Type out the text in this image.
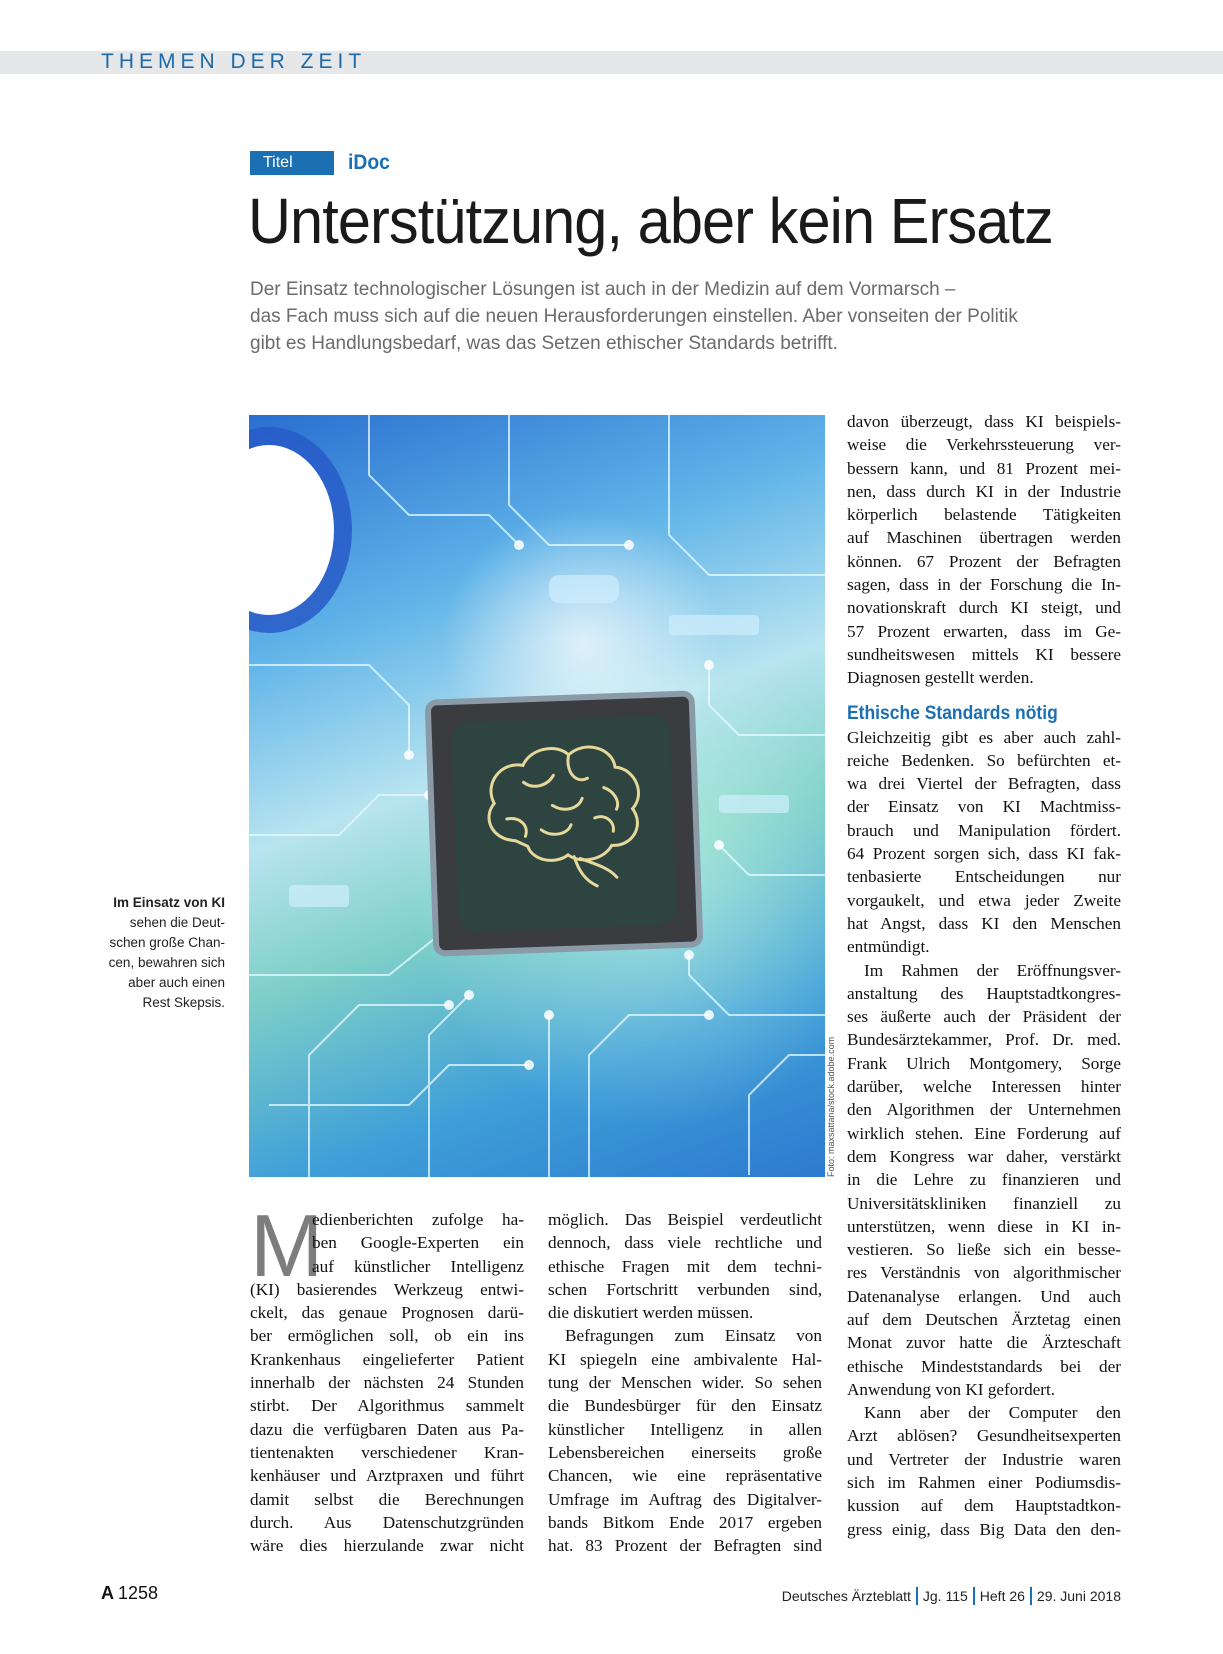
THEMEN DER ZEIT
Titel	iDoc
Unterstützung, aber kein Ersatz

Der Einsatz technologischer Lösungen ist auch in der Medizin auf dem Vormarsch –
das Fach muss sich auf die neuen Herausforderungen einstellen. Aber vonseiten der Politik
gibt es Handlungsbedarf, was das Setzen ethischer Standards betrifft.

Foto: maxsattana/stock.adobe.com
Im Einsatz von KI
sehen die Deut-
schen große Chan-
cen, bewahren sich
aber auch einen
Rest Skepsis.
M
edienberichten zufolge ha-
ben Google-Experten ein
auf künstlicher Intelligenz
(KI) basierendes Werkzeug entwi-
ckelt, das genaue Prognosen darü-
ber ermöglichen soll, ob ein ins
Krankenhaus eingelieferter Patient
innerhalb der nächsten 24 Stunden
stirbt. Der Algorithmus sammelt
dazu die verfügbaren Daten aus Pa-
tientenakten verschiedener Kran-
kenhäuser und Arztpraxen und führt
damit selbst die Berechnungen
durch. Aus Datenschutzgründen
wäre dies hierzulande zwar nicht
möglich. Das Beispiel verdeutlicht
dennoch, dass viele rechtliche und
ethische Fragen mit dem techni-
schen Fortschritt verbunden sind,
die diskutiert werden müssen.
Befragungen zum Einsatz von
KI spiegeln eine ambivalente Hal-
tung der Menschen wider. So sehen
die Bundesbürger für den Einsatz
künstlicher Intelligenz in allen
Lebensbereichen einerseits große
Chancen, wie eine repräsentative
Umfrage im Auftrag des Digitalver-
bands Bitkom Ende 2017 ergeben
hat. 83 Prozent der Befragten sind
davon überzeugt, dass KI beispiels-
weise die Verkehrssteuerung ver-
bessern kann, und 81 Prozent mei-
nen, dass durch KI in der Industrie
körperlich belastende Tätigkeiten
auf Maschinen übertragen werden
können. 67 Prozent der Befragten
sagen, dass in der Forschung die In-
novationskraft durch KI steigt, und
57 Prozent erwarten, dass im Ge-
sundheitswesen mittels KI bessere
Diagnosen gestellt werden.
Ethische Standards nötig
Gleichzeitig gibt es aber auch zahl-
reiche Bedenken. So befürchten et-
wa drei Viertel der Befragten, dass
der Einsatz von KI Machtmiss-
brauch und Manipulation fördert.
64 Prozent sorgen sich, dass KI fak-
tenbasierte Entscheidungen nur
vorgaukelt, und etwa jeder Zweite
hat Angst, dass KI den Menschen
entmündigt.
Im Rahmen der Eröffnungsver-
anstaltung des Hauptstadtkongres-
ses äußerte auch der Präsident der
Bundesärztekammer, Prof. Dr. med.
Frank Ulrich Montgomery, Sorge
darüber, welche Interessen hinter
den Algorithmen der Unternehmen
wirklich stehen. Eine Forderung auf
dem Kongress war daher, verstärkt
in die Lehre zu finanzieren und
Universitätskliniken finanziell zu
unterstützen, wenn diese in KI in-
vestieren. So ließe sich ein besse-
res Verständnis von algorithmischer
Datenanalyse erlangen. Und auch
auf dem Deutschen Ärztetag einen
Monat zuvor hatte die Ärzteschaft
ethische Mindeststandards bei der
Anwendung von KI gefordert.
Kann aber der Computer den
Arzt ablösen? Gesundheitsexperten
und Vertreter der Industrie waren
sich im Rahmen einer Podiumsdis-
kussion auf dem Hauptstadtkon-
gress einig, dass Big Data den den-
A 1258	Deutsches Ärzteblatt Jg. 115 Heft 26 29. Juni 2018
